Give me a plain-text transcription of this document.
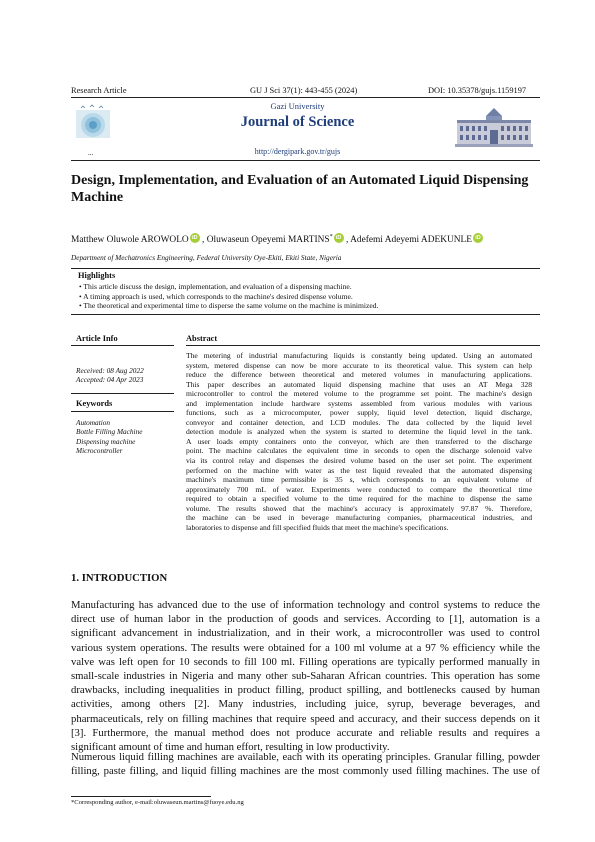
Research Article	GU J Sci 37(1): 443-455 (2024)	DOI: 10.35378/gujs.1159197
...
Gazi University
Journal of Science
http://dergipark.gov.tr/gujs
Design, Implementation, and Evaluation of an Automated Liquid Dispensing
Machine
Matthew Oluwole AROWOLO iD , Oluwaseun Opeyemi MARTINS* iD , Adefemi Adeyemi ADEKUNLE iD
Department of Mechatronics Engineering, Federal University Oye-Ekiti, Ekiti State, Nigeria
Highlights
• This article discuss the design, implementation, and evaluation of a dispensing machine.
• A timing approach is used, which corresponds to the machine's desired dispense volume.
• The theoretical and experimental time to disperse the same volume on the machine is minimized.
Article Info
Received: 08 Aug 2022
Accepted: 04 Apr 2023
Keywords
Automation
Bottle Filling Machine
Dispensing machine
Microcontroller
Abstract
The metering of industrial manufacturing liquids is constantly being updated. Using an automated
system, metered dispense can now be more accurate to its theoretical value. This system can help
reduce the difference between theoretical and metered volumes in manufacturing applications.
This paper describes an automated liquid dispensing machine that uses an AT Mega 328
microcontroller to control the metered volume to the programme set point. The machine's design
and implementation include hardware systems assembled from various modules with various
functions, such as a microcomputer, power supply, liquid level detection, liquid discharge,
conveyor and container detection, and LCD modules. The data collected by the liquid level
detection module is analyzed when the system is started to determine the liquid level in the tank.
A user loads empty containers onto the conveyor, which are then transferred to the discharge
point. The machine calculates the equivalent time in seconds to open the discharge solenoid valve
via its control relay and dispenses the desired volume based on the user set point. The experiment
performed on the machine with water as the test liquid revealed that the automated dispensing
machine's maximum time permissible is 35 s, which corresponds to an equivalent volume of
approximately 700 mL of water. Experiments were conducted to compare the theoretical time
required to obtain a specified volume to the time required for the machine to dispense the same
volume. The results showed that the machine's accuracy is approximately 97.87 %. Therefore,
the machine can be used in beverage manufacturing companies, pharmaceutical industries, and
laboratories to dispense and fill specified fluids that meet the machine's specifications.
1. INTRODUCTION
Manufacturing has advanced due to the use of information technology and control systems to reduce the
direct use of human labor in the production of goods and services. According to [1], automation is a
significant advancement in industrialization, and in their work, a microcontroller was used to control
various system operations. The results were obtained for a 100 ml volume at a 97 % efficiency while the
valve was left open for 10 seconds to fill 100 ml. Filling operations are typically performed manually in
small-scale industries in Nigeria and many other sub-Saharan African countries. This operation has some
drawbacks, including inequalities in product filling, product spilling, and bottlenecks caused by human
activities, among others [2]. Many industries, including juice, syrup, beverage beverages, and
pharmaceuticals, rely on filling machines that require speed and accuracy, and their success depends on it
[3]. Furthermore, the manual method does not produce accurate and reliable results and requires a
significant amount of time and human effort, resulting in low productivity.
Numerous liquid filling machines are available, each with its operating principles. Granular filling, powder
filling, paste filling, and liquid filling machines are the most commonly used filling machines. The use of
*Corresponding author, e-mail:oluwaseun.martins@fuoye.edu.ng
